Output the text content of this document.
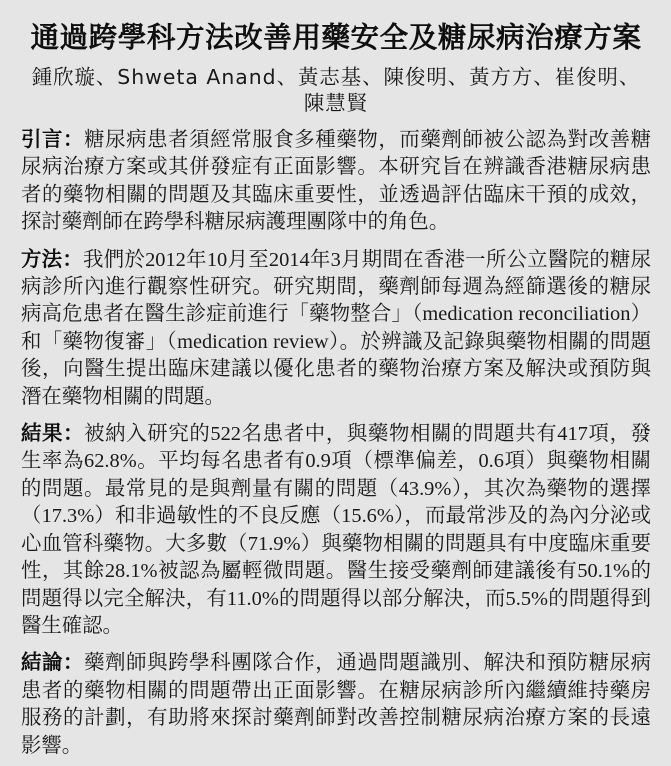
通過跨學科方法改善用藥安全及糖尿病治療方案
鍾欣璇、Shweta Anand、黃志基、陳俊明、黃方方、崔俊明、
陳慧賢

引言：糖尿病患者須經常服食多種藥物，而藥劑師被公認為對改善糖尿病治療方案或其併發症有正面影響。本研究旨在辨識香港糖尿病患者的藥物相關的問題及其臨床重要性，並透過評估臨床干預的成效，探討藥劑師在跨學科糖尿病護理團隊中的角色。

方法：我們於2012年10月至2014年3月期間在香港一所公立醫院的糖尿病診所內進行觀察性研究。研究期間，藥劑師每週為經篩選後的糖尿病高危患者在醫生診症前進行「藥物整合」（medication reconciliation）和「藥物復審」（medication review）。於辨識及記錄與藥物相關的問題後，向醫生提出臨床建議以優化患者的藥物治療方案及解決或預防與潛在藥物相關的問題。

結果：被納入研究的522名患者中，與藥物相關的問題共有417項，發生率為62.8%。平均每名患者有0.9項（標準偏差，0.6項）與藥物相關的問題。最常見的是與劑量有關的問題（43.9%），其次為藥物的選擇（17.3%）和非過敏性的不良反應（15.6%），而最常涉及的為內分泌或心血管科藥物。大多數（71.9%）與藥物相關的問題具有中度臨床重要性，其餘28.1%被認為屬輕微問題。醫生接受藥劑師建議後有50.1%的問題得以完全解決，有11.0%的問題得以部分解決，而5.5%的問題得到醫生確認。

結論：藥劑師與跨學科團隊合作，通過問題識別、解決和預防糖尿病患者的藥物相關的問題帶出正面影響。在糖尿病診所內繼續維持藥房服務的計劃，有助將來探討藥劑師對改善控制糖尿病治療方案的長遠影響。
